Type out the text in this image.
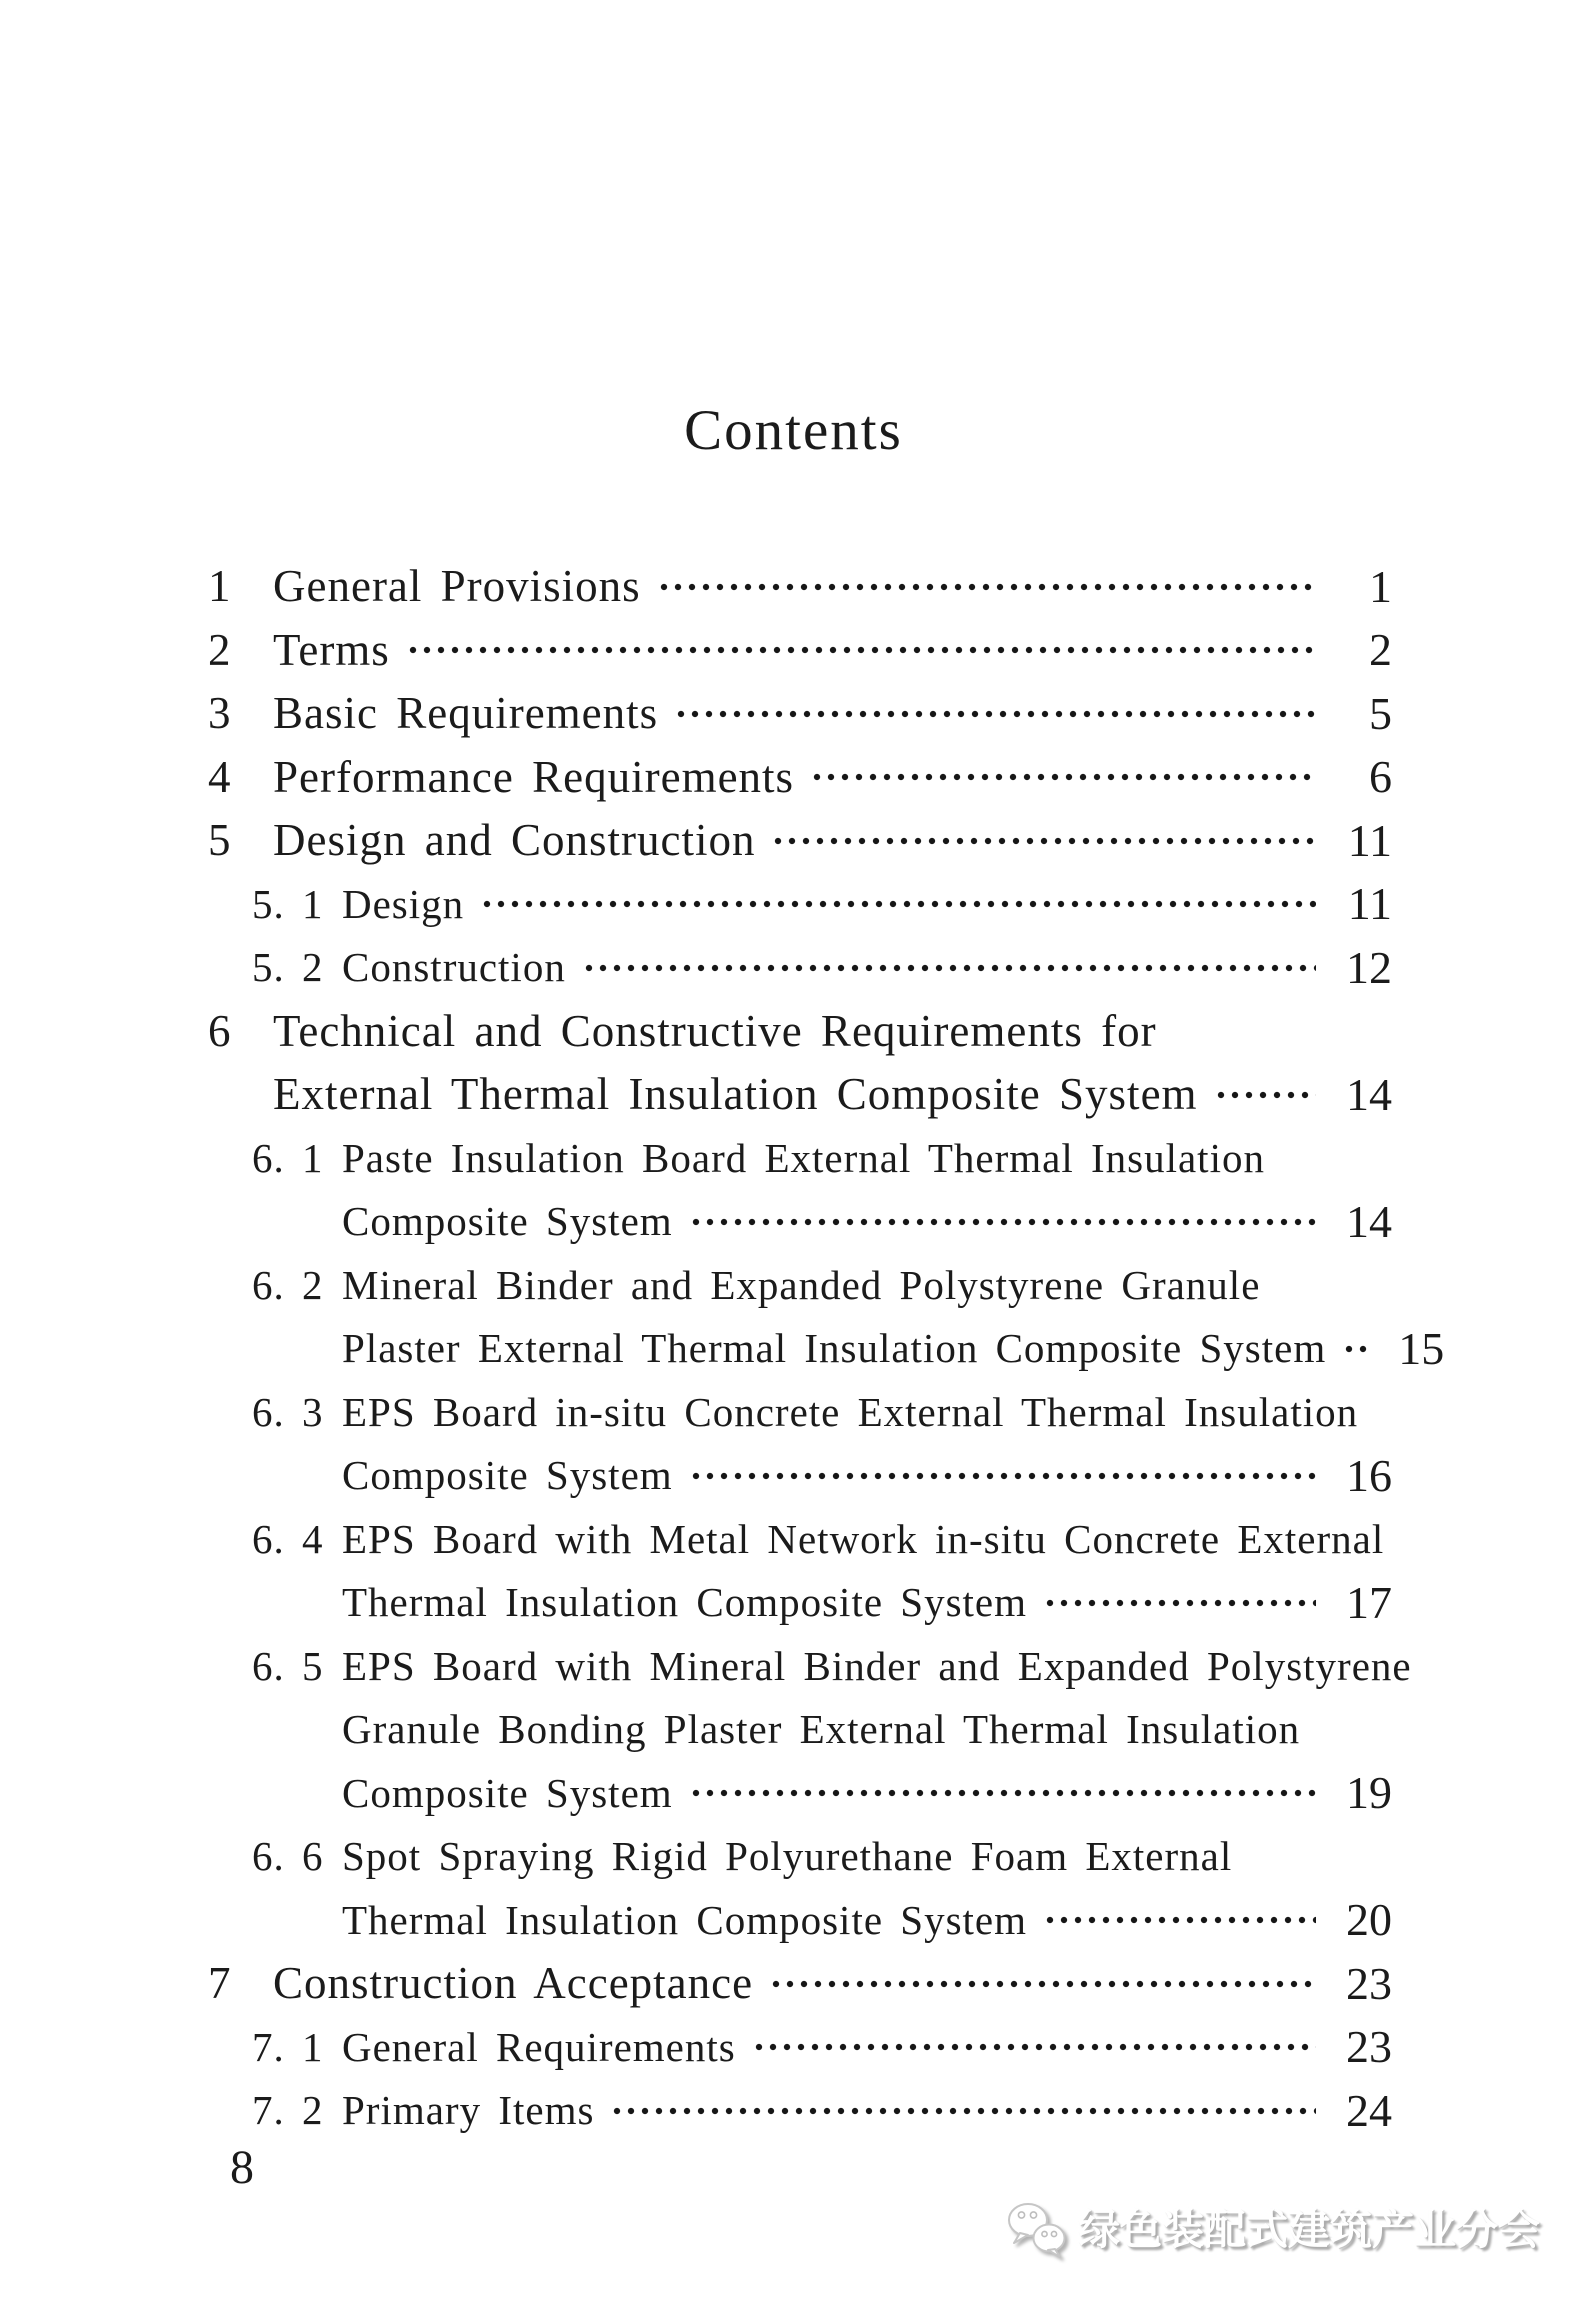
Contents
1 General Provisions	1
2 Terms	2
3 Basic Requirements	5
4 Performance Requirements	6
5 Design and Construction	11
5. 1 Design	11
5. 2 Construction	12
6 Technical and Constructive Requirements for
External Thermal Insulation Composite System	14
6. 1 Paste Insulation Board External Thermal Insulation
Composite System	14
6. 2 Mineral Binder and Expanded Polystyrene Granule
Plaster External Thermal Insulation Composite System 15
6. 3 EPS Board in-situ Concrete External Thermal Insulation
Composite System	16
6. 4 EPS Board with Metal Network in-situ Concrete External
Thermal Insulation Composite System	17
6. 5 EPS Board with Mineral Binder and Expanded Polystyrene
Granule Bonding Plaster External Thermal Insulation
Composite System	19
6. 6 Spot Spraying Rigid Polyurethane Foam External
Thermal Insulation Composite System	20
7 Construction Acceptance	23
7. 1 General Requirements	23
7. 2 Primary Items	24
8
绿色装配式建筑产业分会
